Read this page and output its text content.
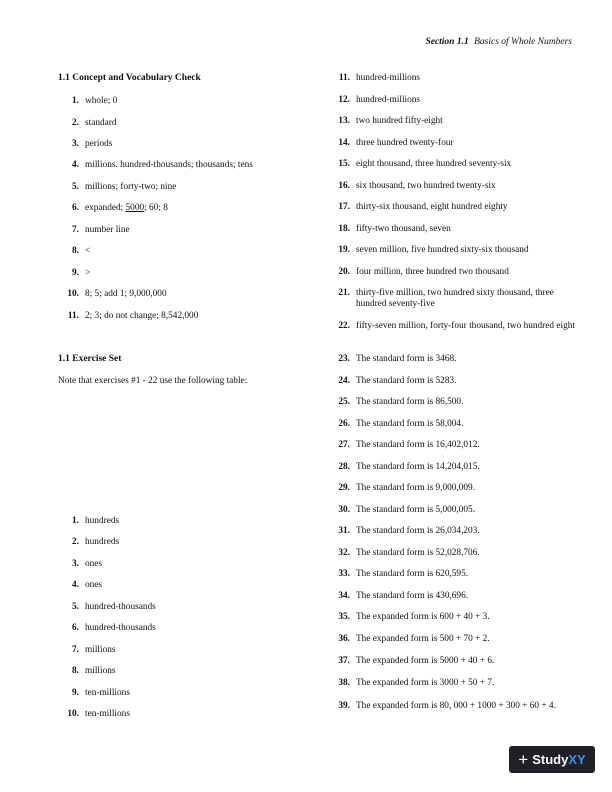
Section 1.1 Basics of Whole Numbers
1.1 Concept and Vocabulary Check
1. whole; 0
2. standard
3. periods
4. millions. hundred-thousands; thousands; tens
5. millions; forty-two; nine
6. expanded; 5000; 60; 8
7. number line
8. <
9. >
10. 8; 5; add 1; 9,000,000
11. 2; 3; do not change; 8,542,000
1.1 Exercise Set
Note that exercises #1 - 22 use the following table:
1. hundreds
2. hundreds
3. ones
4. ones
5. hundred-thousands
6. hundred-thousands
7. millions
8. millions
9. ten-millions
10. ten-millions
11. hundred-millions
12. hundred-millions
13. two hundred fifty-eight
14. three hundred twenty-four
15. eight thousand, three hundred seventy-six
16. six thousand, two hundred twenty-six
17. thirty-six thousand, eight hundred eighty
18. fifty-two thousand, seven
19. seven million, five hundred sixty-six thousand
20. four million, three hundred two thousand
21. thirty-five million, two hundred sixty thousand, three hundred seventy-five
22. fifty-seven million, forty-four thousand, two hundred eight
23. The standard form is 3468.
24. The standard form is 5283.
25. The standard form is 86,500.
26. The standard form is 58,004.
27. The standard form is 16,402,012.
28. The standard form is 14,204,015.
29. The standard form is 9,000,009.
30. The standard form is 5,000,005.
31. The standard form is 26,034,203.
32. The standard form is 52,028,706.
33. The standard form is 620,595.
34. The standard form is 430,696.
35. The expanded form is 600 + 40 + 3.
36. The expanded form is 500 + 70 + 2.
37. The expanded form is 5000 + 40 + 6.
38. The expanded form is 3000 + 50 + 7.
39. The expanded form is 80, 000 + 1000 + 300 + 60 + 4.
+ Study XY
